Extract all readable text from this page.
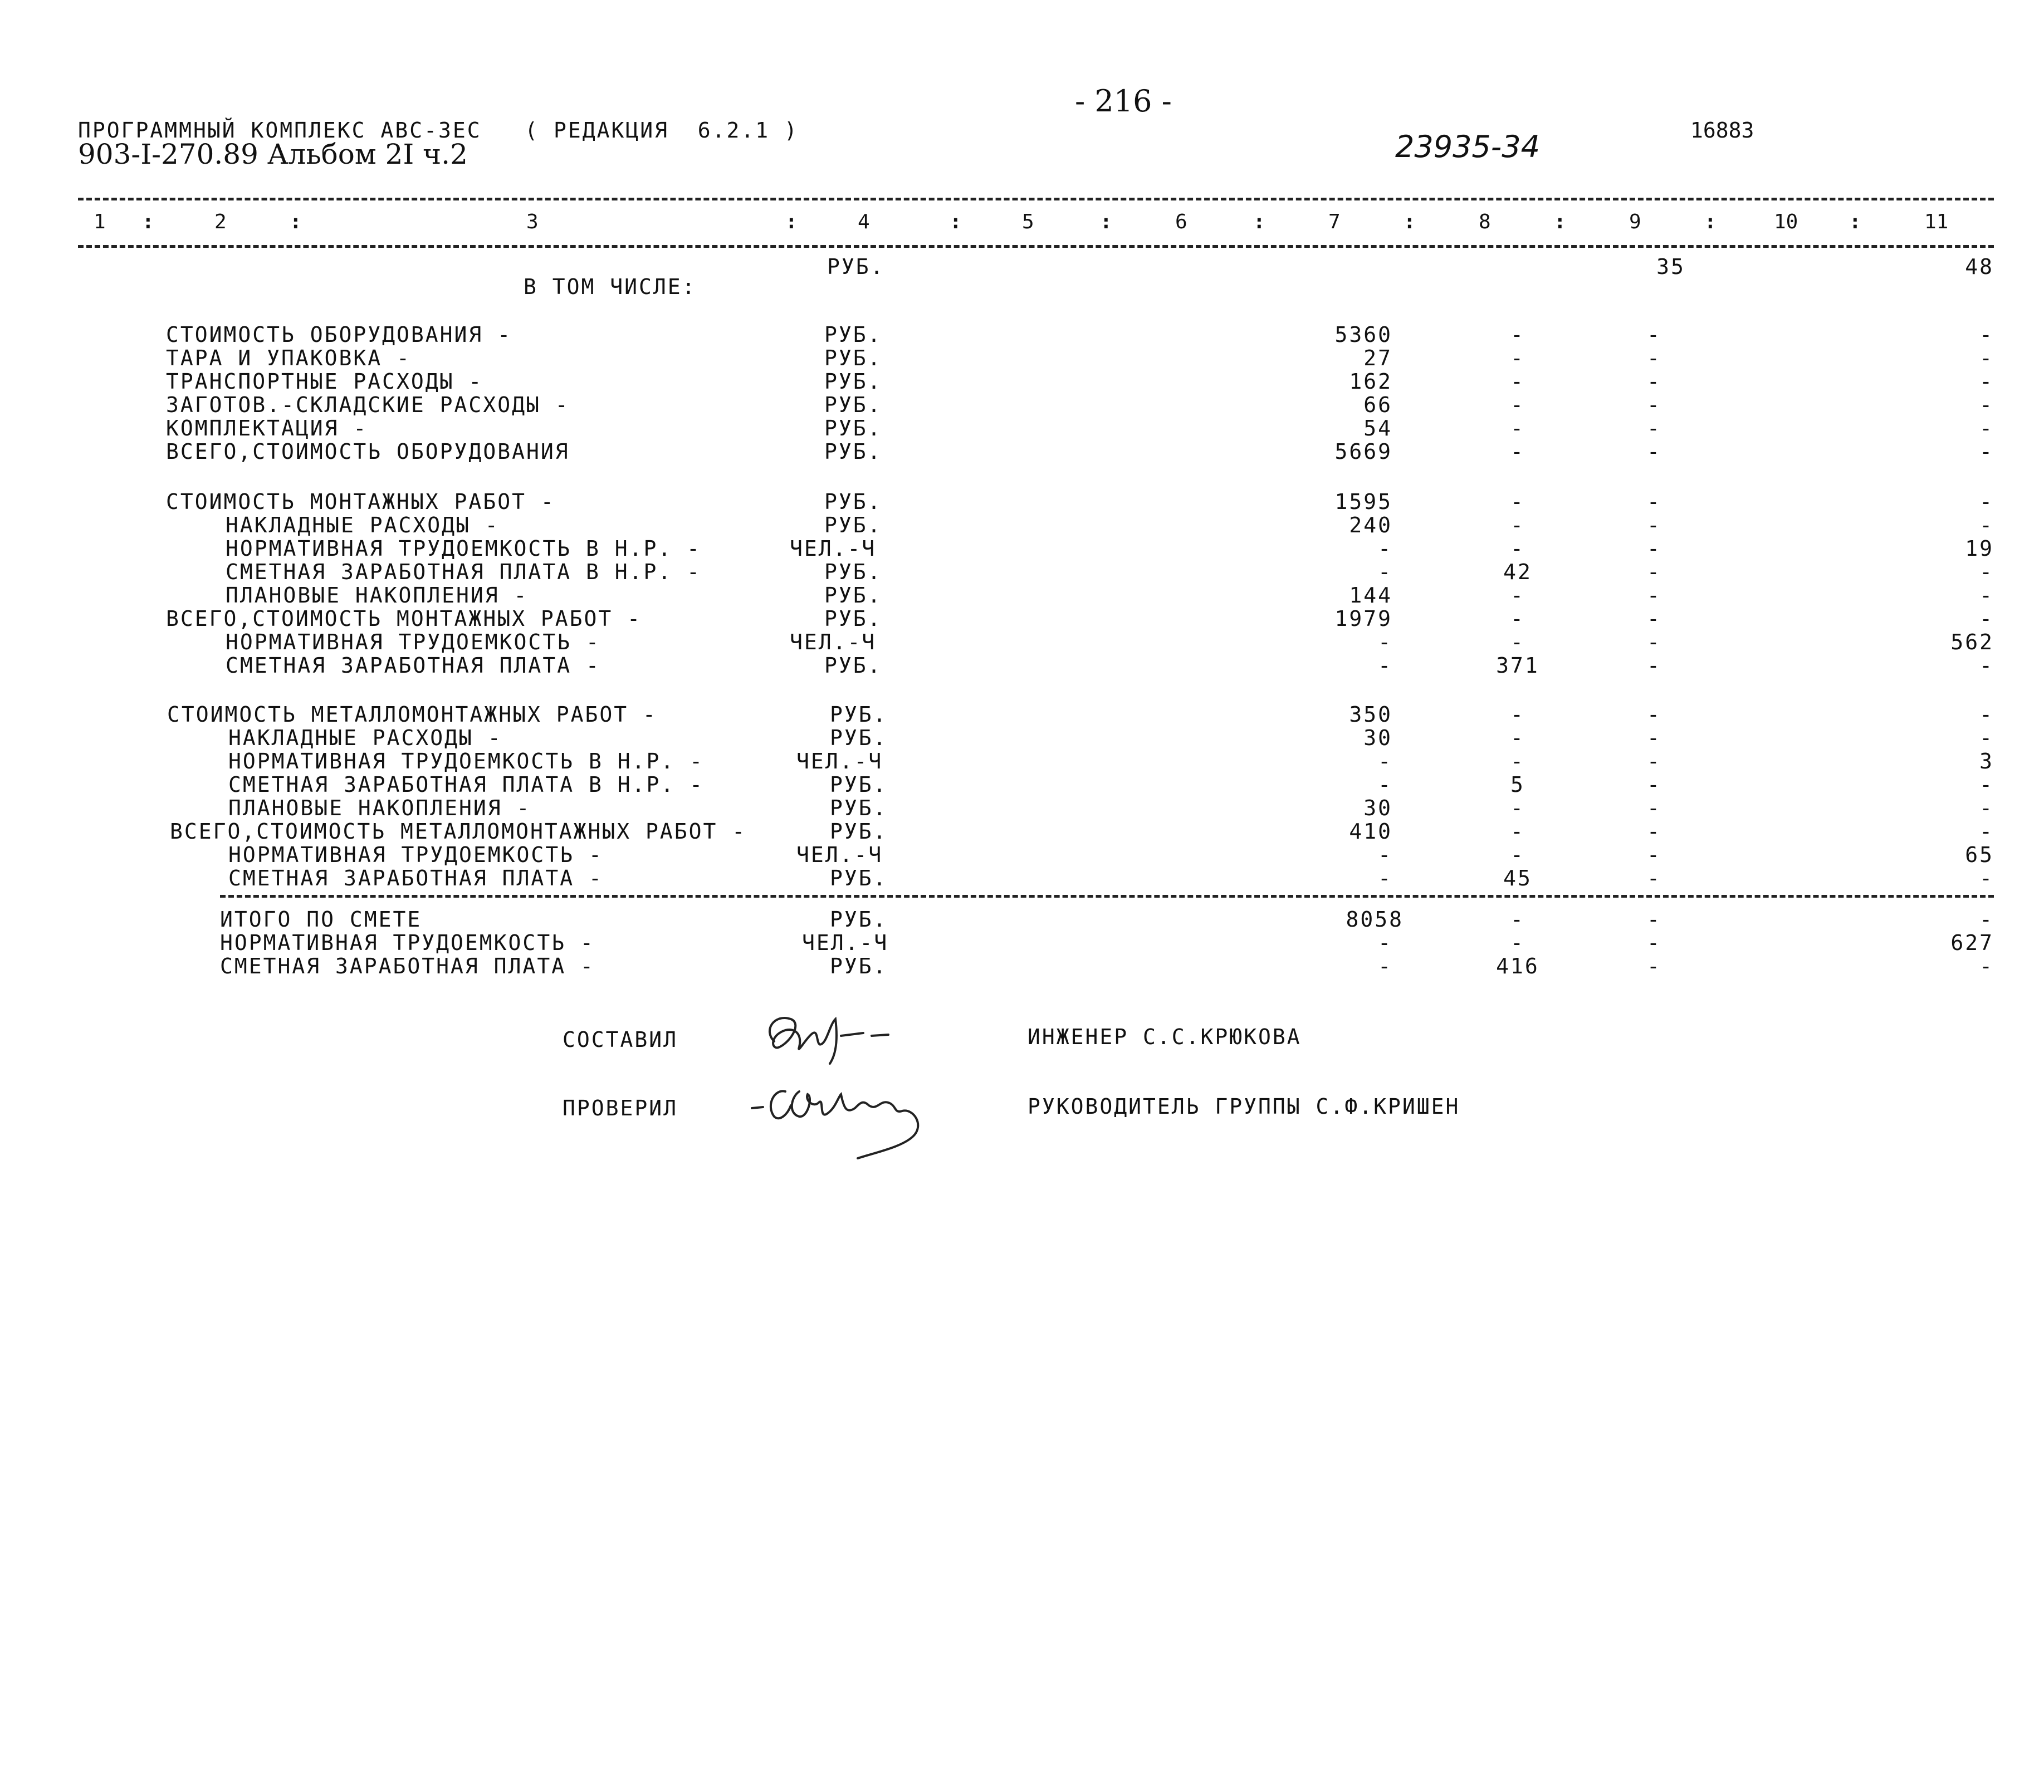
- 216 -
ПРОГРАММНЫЙ КОМПЛЕКС АВС-3ЕС   ( РЕДАКЦИЯ  6.2.1 )
903-I-270.89 Альбом 2I ч.2	23935-34	16883
1 :	2	:	3	:	4	:	5	:	6	:	7	:	8	:	9	:	10	:	11
РУБ.	35	48
В ТОМ ЧИСЛЕ:
СТОИМОСТЬ ОБОРУДОВАНИЯ -	РУБ.	5360	-	-	-
ТАРА И УПАКОВКА -	РУБ.	27	-	-	-
ТРАНСПОРТНЫЕ РАСХОДЫ -	РУБ.	162	-	-	-
ЗАГОТОВ.-СКЛАДСКИЕ РАСХОДЫ -	РУБ.	66	-	-	-
КОМПЛЕКТАЦИЯ -	РУБ.	54	-	-	-
ВСЕГО,СТОИМОСТЬ ОБОРУДОВАНИЯ	РУБ.	5669	-	-	-
СТОИМОСТЬ МОНТАЖНЫХ РАБОТ -	РУБ.	1595	-	-	-
НАКЛАДНЫЕ РАСХОДЫ -	РУБ.	240	-	-	-
НОРМАТИВНАЯ ТРУДОЕМКОСТЬ В Н.Р. -	ЧЕЛ.-Ч	-	-	-	19
СМЕТНАЯ ЗАРАБОТНАЯ ПЛАТА В Н.Р. -	РУБ.	-	42	-	-
ПЛАНОВЫЕ НАКОПЛЕНИЯ -	РУБ.	144	-	-	-
ВСЕГО,СТОИМОСТЬ МОНТАЖНЫХ РАБОТ -	РУБ.	1979	-	-	-
НОРМАТИВНАЯ ТРУДОЕМКОСТЬ -	ЧЕЛ.-Ч	-	-	-	562
СМЕТНАЯ ЗАРАБОТНАЯ ПЛАТА -	РУБ.	-	371	-	-
СТОИМОСТЬ МЕТАЛЛОМОНТАЖНЫХ РАБОТ -	РУБ.	350	-	-	-
НАКЛАДНЫЕ РАСХОДЫ -	РУБ.	30	-	-	-
НОРМАТИВНАЯ ТРУДОЕМКОСТЬ В Н.Р. -	ЧЕЛ.-Ч	-	-	-	3
СМЕТНАЯ ЗАРАБОТНАЯ ПЛАТА В Н.Р. -	РУБ.	-	5	-	-
ПЛАНОВЫЕ НАКОПЛЕНИЯ -	РУБ.	30	-	-	-
ВСЕГО,СТОИМОСТЬ МЕТАЛЛОМОНТАЖНЫХ РАБОТ -	РУБ.	410	-	-	-
НОРМАТИВНАЯ ТРУДОЕМКОСТЬ -	ЧЕЛ.-Ч	-	-	-	65
СМЕТНАЯ ЗАРАБОТНАЯ ПЛАТА -	РУБ.	-	45	-	-
ИТОГО ПО СМЕТЕ	РУБ.	8058	-	-	-
НОРМАТИВНАЯ ТРУДОЕМКОСТЬ -	ЧЕЛ.-Ч	-	-	-	627
СМЕТНАЯ ЗАРАБОТНАЯ ПЛАТА -	РУБ.	-	416	-	-
СОСТАВИЛ	ИНЖЕНЕР С.С.КРЮКОВА
ПРОВЕРИЛ	РУКОВОДИТЕЛЬ ГРУППЫ С.Ф.КРИШЕН
